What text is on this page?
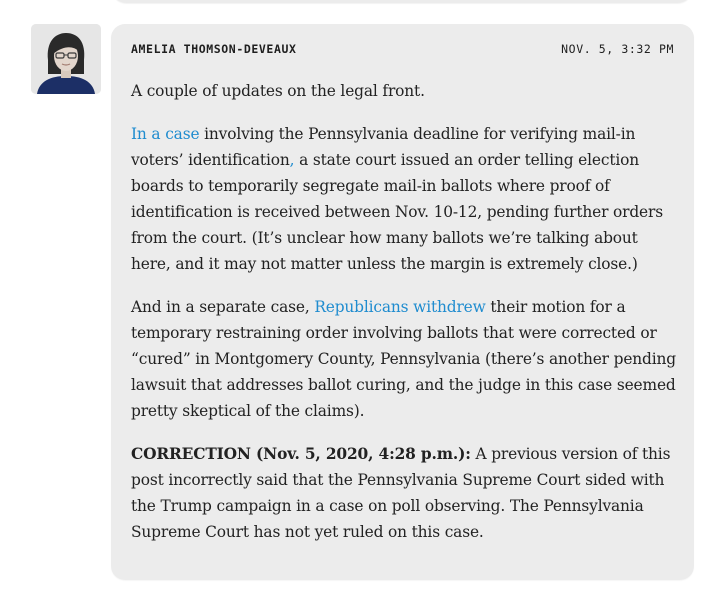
AMELIA THOMSON-DEVEAUX	NOV. 5, 3:32 PM

A couple of updates on the legal front.

In a case involving the Pennsylvania deadline for verifying mail-in voters’ identification, a state court issued an order telling election boards to temporarily segregate mail-in ballots where proof of identification is received between Nov. 10-12, pending further orders from the court. (It’s unclear how many ballots we’re talking about here, and it may not matter unless the margin is extremely close.)

And in a separate case, Republicans withdrew their motion for a temporary restraining order involving ballots that were corrected or “cured” in Montgomery County, Pennsylvania (there’s another pending lawsuit that addresses ballot curing, and the judge in this case seemed pretty skeptical of the claims).

CORRECTION (Nov. 5, 2020, 4:28 p.m.): A previous version of this post incorrectly said that the Pennsylvania Supreme Court sided with the Trump campaign in a case on poll observing. The Pennsylvania Supreme Court has not yet ruled on this case.
